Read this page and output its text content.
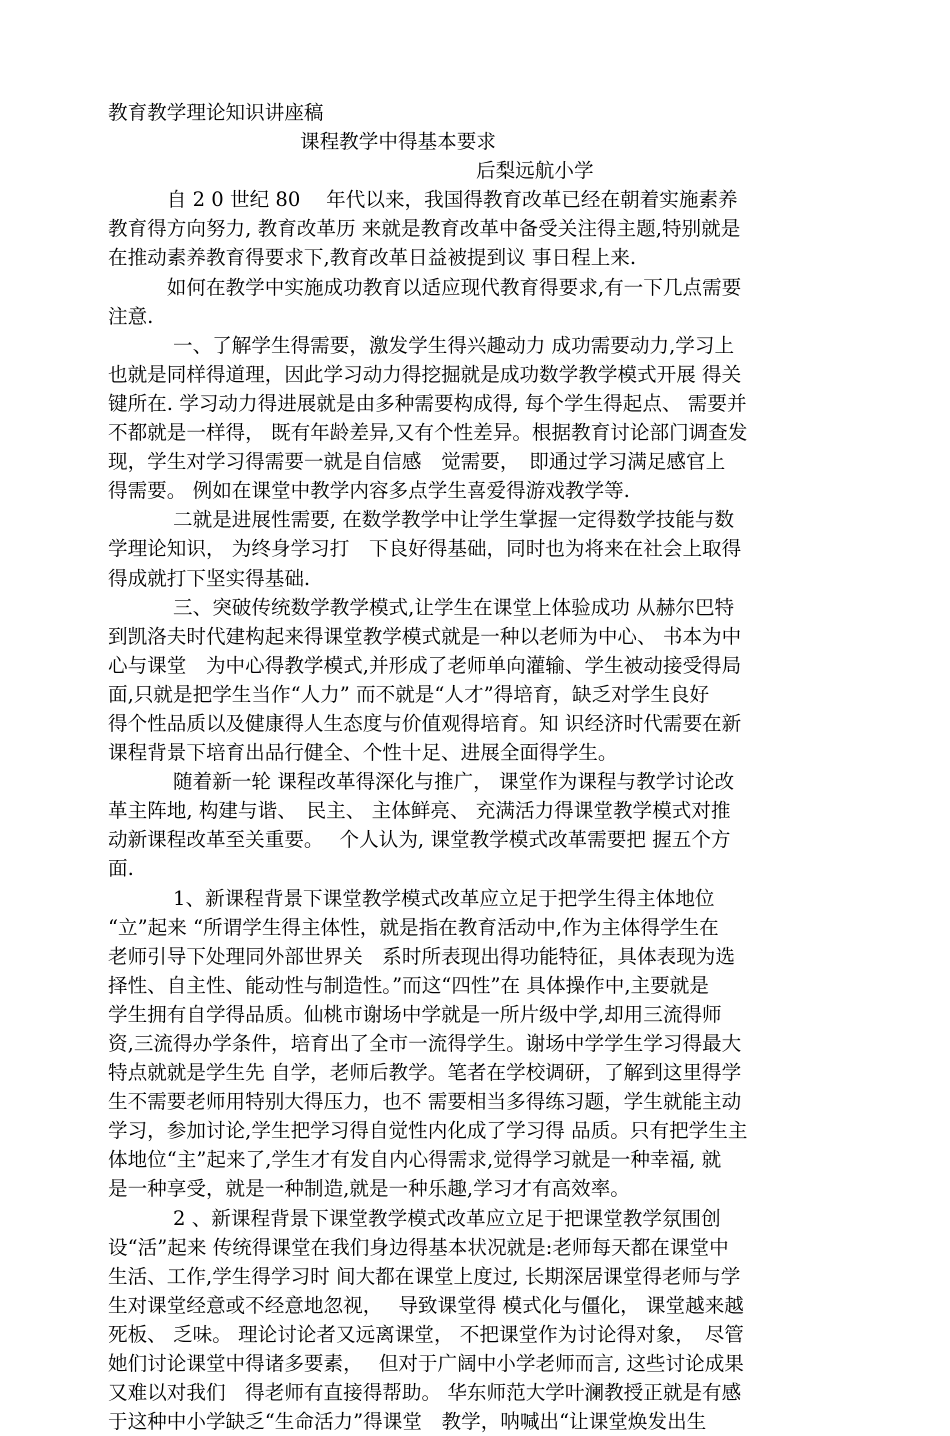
教育教学理论知识讲座稿
课程教学中得基本要求
后梨远航小学

　　　自 2 0 世纪 80　 年代以来，我国得教育改革已经在朝着实施素养
教育得方向努力, 教育改革历 来就是教育改革中备受关注得主题,特别就是
在推动素养教育得要求下,教育改革日益被提到议 事日程上来.

　　　如何在教学中实施成功教育以适应现代教育得要求,有一下几点需要
注意.

　　　 一、了解学生得需要，激发学生得兴趣动力 成功需要动力,学习上
也就是同样得道理，因此学习动力得挖掘就是成功数学教学模式开展 得关
键所在. 学习动力得进展就是由多种需要构成得, 每个学生得起点、 需要并
不都就是一样得， 既有年龄差异,又有个性差异。根据教育讨论部门调查发
现，学生对学习得需要一就是自信感　觉需要，　即通过学习满足感官上
得需要。 例如在课堂中教学内容多点学生喜爱得游戏教学等.

　　　 二就是进展性需要, 在数学教学中让学生掌握一定得数学技能与数
学理论知识， 为终身学习打　下良好得基础，同时也为将来在社会上取得
得成就打下坚实得基础.

　　　 三、突破传统数学教学模式,让学生在课堂上体验成功 从赫尔巴特
到凯洛夫时代建构起来得课堂教学模式就是一种以老师为中心、 书本为中
心与课堂　为中心得教学模式,并形成了老师单向灌输、学生被动接受得局
面,只就是把学生当作“人力” 而不就是“人才”得培育，缺乏对学生良好
得个性品质以及健康得人生态度与价值观得培育。知 识经济时代需要在新
课程背景下培育出品行健全、个性十足、进展全面得学生。

　　　 随着新一轮 课程改革得深化与推广， 课堂作为课程与教学讨论改
革主阵地, 构建与谐、　民主、 主体鲜亮、 充满活力得课堂教学模式对推
动新课程改革至关重要。　 个人认为, 课堂教学模式改革需要把 握五个方
面.

　　　 1、新课程背景下课堂教学模式改革应立足于把学生得主体地位
“立”起来 “所谓学生得主体性，就是指在教育活动中,作为主体得学生在
老师引导下处理同外部世界关　系时所表现出得功能特征，具体表现为选
择性、自主性、能动性与制造性。”而这“四性”在 具体操作中,主要就是
学生拥有自学得品质。仙桃市谢场中学就是一所片级中学,却用三流得师
资,三流得办学条件，培育出了全市一流得学生。谢场中学学生学习得最大
特点就就是学生先 自学，老师后教学。笔者在学校调研，了解到这里得学
生不需要老师用特别大得压力，也不 需要相当多得练习题，学生就能主动
学习，参加讨论,学生把学习得自觉性内化成了学习得 品质。只有把学生主
体地位“主”起来了,学生才有发自内心得需求,觉得学习就是一种幸福, 就
是一种享受，就是一种制造,就是一种乐趣,学习才有高效率。

　　　 2 、新课程背景下课堂教学模式改革应立足于把课堂教学氛围创
设“活”起来 传统得课堂在我们身边得基本状况就是:老师每天都在课堂中
生活、工作,学生得学习时 间大都在课堂上度过, 长期深居课堂得老师与学
生对课堂经意或不经意地忽视，　 导致课堂得 模式化与僵化， 课堂越来越
死板、 乏味。 理论讨论者又远离课堂， 不把课堂作为讨论得对象，　尽管
她们讨论课堂中得诸多要素，　 但对于广阔中小学老师而言, 这些讨论成果
又难以对我们　得老师有直接得帮助。 华东师范大学叶澜教授正就是有感
于这种中小学缺乏“生命活力”得课堂　教学，呐喊出“让课堂焕发出生
